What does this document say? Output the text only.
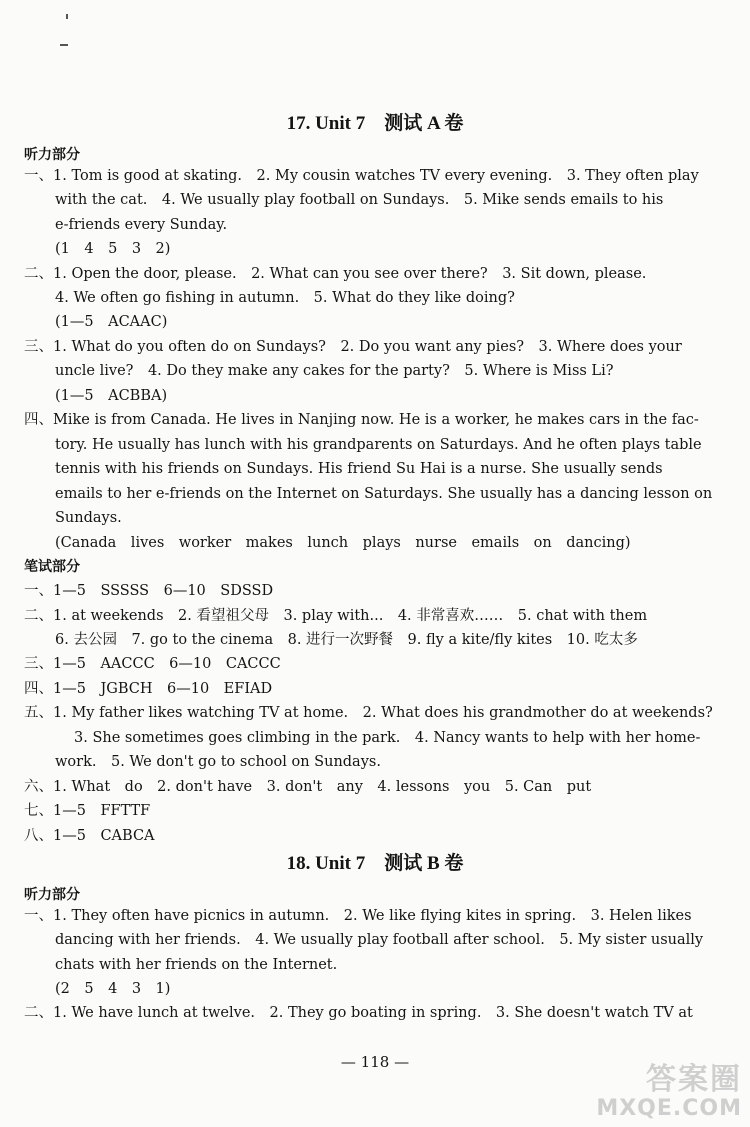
17. Unit 7　测试 A 卷
听力部分
一、1. Tom is good at skating.　2. My cousin watches TV every evening.　3. They often play
with the cat.　4. We usually play football on Sundays.　5. Mike sends emails to his
e-friends every Sunday.
(1　4　5　3　2)
二、1. Open the door, please.　2. What can you see over there?　3. Sit down, please.
4. We often go fishing in autumn.　5. What do they like doing?
(1—5　ACAAC)
三、1. What do you often do on Sundays?　2. Do you want any pies?　3. Where does your
uncle live?　4. Do they make any cakes for the party?　5. Where is Miss Li?
(1—5　ACBBA)
四、Mike is from Canada. He lives in Nanjing now. He is a worker, he makes cars in the fac-
tory. He usually has lunch with his grandparents on Saturdays. And he often plays table
tennis with his friends on Sundays. His friend Su Hai is a nurse. She usually sends
emails to her e-friends on the Internet on Saturdays. She usually has a dancing lesson on
Sundays.
(Canada　lives　worker　makes　lunch　plays　nurse　emails　on　dancing)
笔试部分
一、1—5　SSSSS　6—10　SDSSD
二、1. at weekends　2. 看望祖父母　3. play with...　4. 非常喜欢……　5. chat with them
6. 去公园　7. go to the cinema　8. 进行一次野餐　9. fly a kite/fly kites　10. 吃太多
三、1—5　AACCC　6—10　CACCC
四、1—5　JGBCH　6—10　EFIAD
五、1. My father likes watching TV at home.　2. What does his grandmother do at weekends?
3. She sometimes goes climbing in the park.　4. Nancy wants to help with her home-
work.　5. We don't go to school on Sundays.
六、1. What　do　2. don't have　3. don't　any　4. lessons　you　5. Can　put
七、1—5　FFTTF
八、1—5　CABCA
18. Unit 7　测试 B 卷
听力部分
一、1. They often have picnics in autumn.　2. We like flying kites in spring.　3. Helen likes
dancing with her friends.　4. We usually play football after school.　5. My sister usually
chats with her friends on the Internet.
(2　5　4　3　1)
二、1. We have lunch at twelve.　2. They go boating in spring.　3. She doesn't watch TV at
— 118 —	答案圈
MXQE.COM
